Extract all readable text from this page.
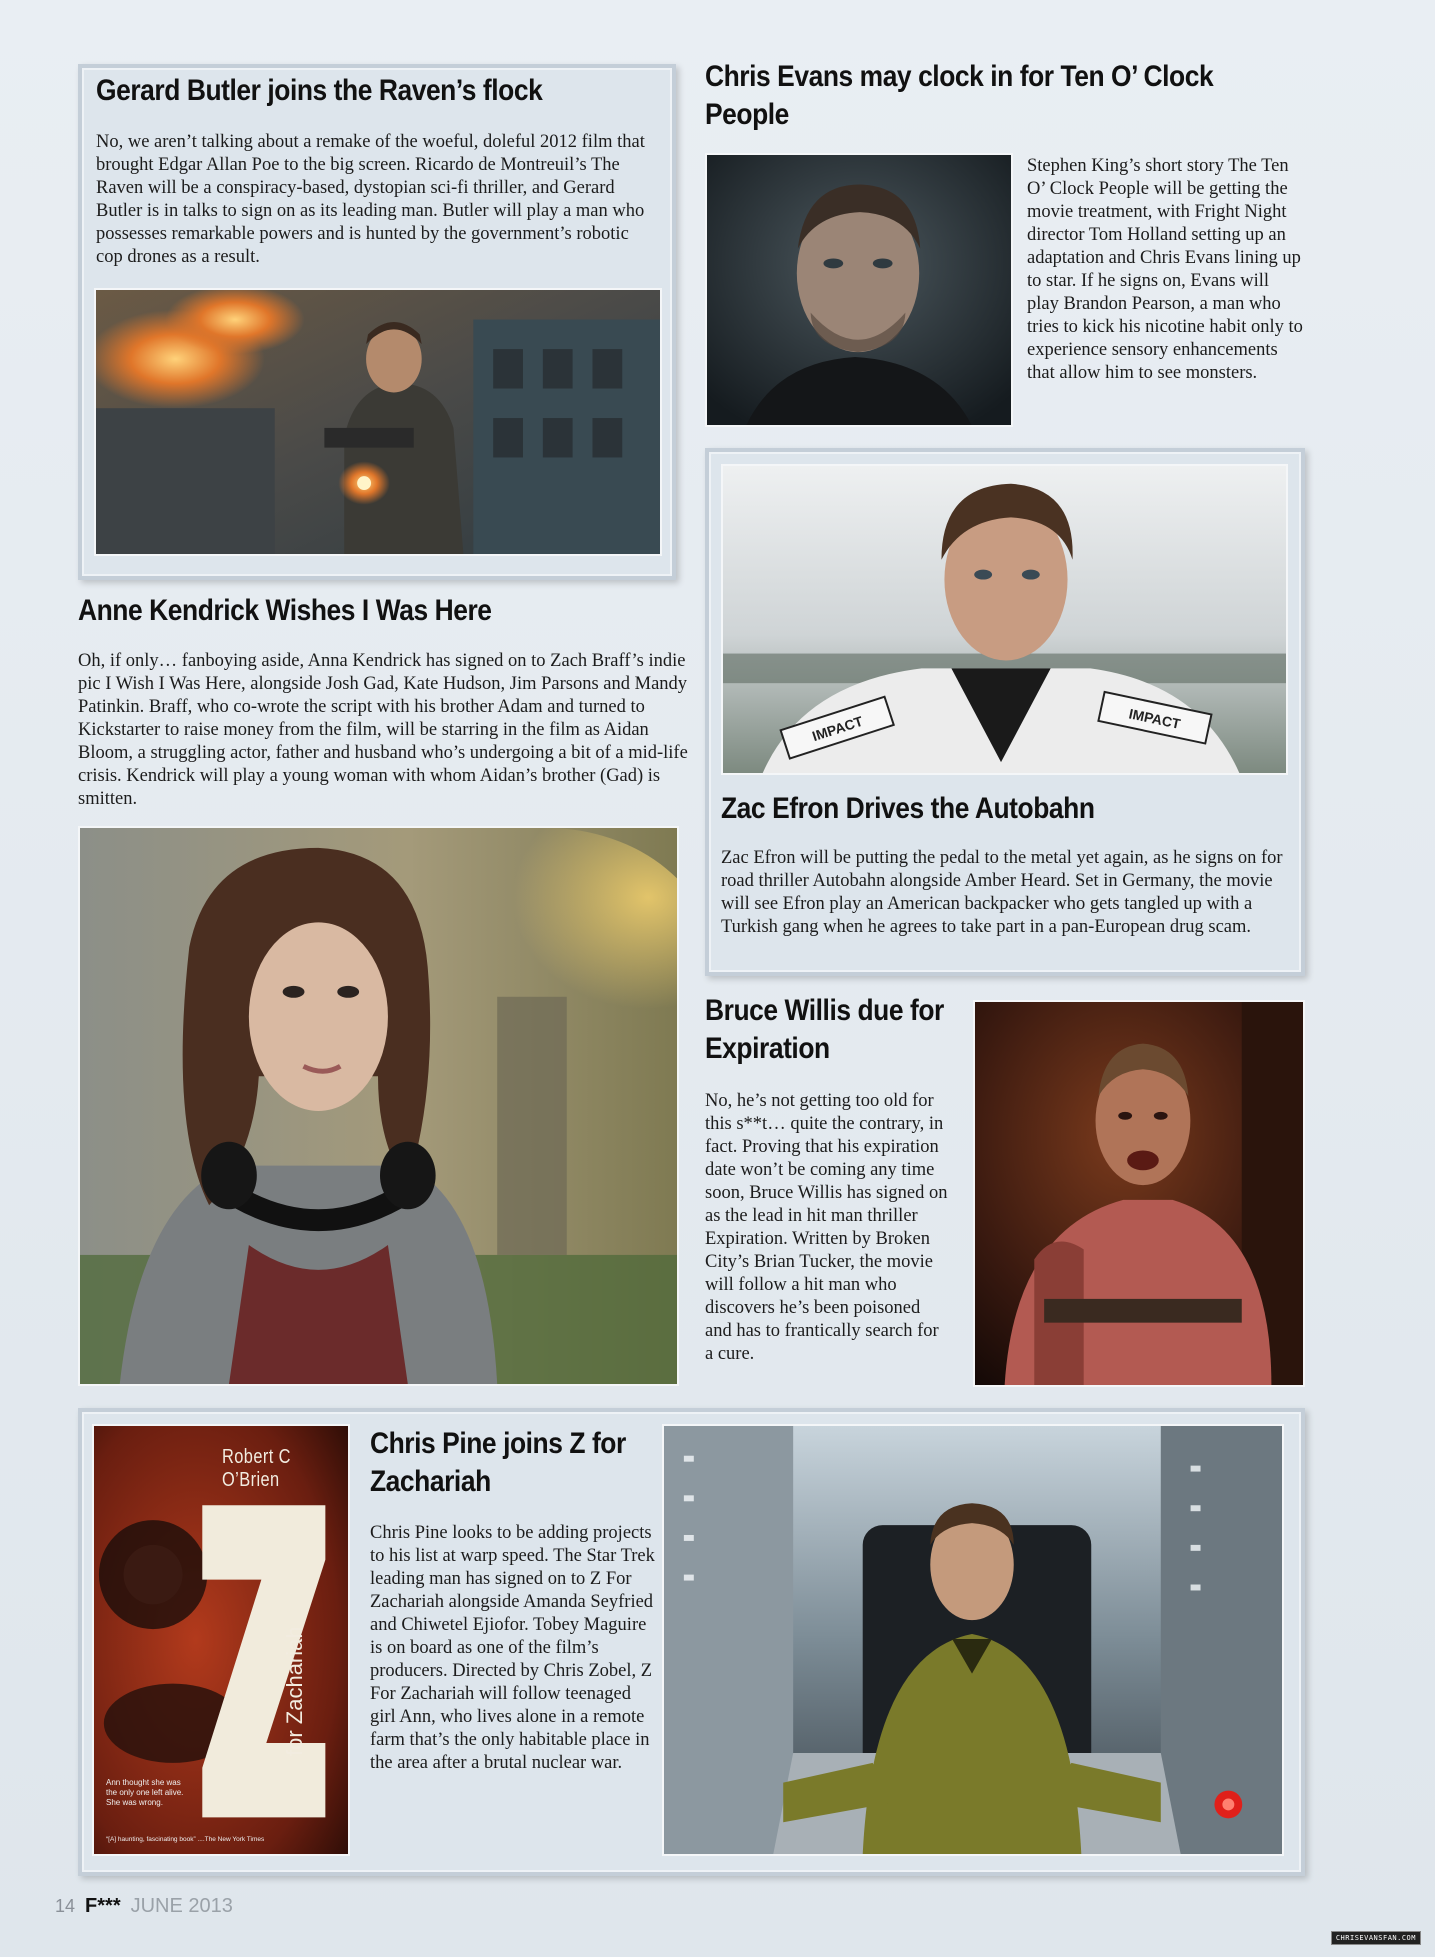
Gerard Butler joins the Raven’s flock
No, we aren’t talking about a remake of the woeful, doleful 2012 film that brought Edgar Allan Poe to the big screen. Ricardo de Montreuil’s The Raven will be a conspiracy-based, dystopian sci-fi thriller, and Gerard Butler is in talks to sign on as its leading man. Butler will play a man who possesses remarkable powers and is hunted by the government’s robotic cop drones as a result.
Chris Evans may clock in for Ten O’ Clock
People
Stephen King’s short story The Ten O’ Clock People will be getting the movie treatment, with Fright Night director Tom Holland setting up an adaptation and Chris Evans lining up to star. If he signs on, Evans will play Brandon Pearson, a man who tries to kick his nicotine habit only to experience sensory enhancements that allow him to see monsters.
Anne Kendrick Wishes I Was Here
Oh, if only… fanboying aside, Anna Kendrick has signed on to Zach Braff’s indie pic I Wish I Was Here, alongside Josh Gad, Kate Hudson, Jim Parsons and Mandy Patinkin. Braff, who co-wrote the script with his brother Adam and turned to Kickstarter to raise money from the film, will be starring in the film as Aidan Bloom, a struggling actor, father and husband who’s undergoing a bit of a mid-life crisis. Kendrick will play a young woman with whom Aidan’s brother (Gad) is smitten.
IMPACT	IMPACT
Zac Efron Drives the Autobahn
Zac Efron will be putting the pedal to the metal yet again, as he signs on for road thriller Autobahn alongside Amber Heard. Set in Germany, the movie will see Efron play an American backpacker who gets tangled up with a Turkish gang when he agrees to take part in a pan-European drug scam.
Bruce Willis due for
Expiration
No, he’s not getting too old for this s**t… quite the contrary, in fact. Proving that his expiration date won’t be coming any time soon, Bruce Willis has signed on as the lead in hit man thriller Expiration. Written by Broken City’s Brian Tucker, the movie will follow a hit man who discovers he’s been poisoned and has to frantically search for a cure.
Robert C O’Brien
for Zachariah
Ann thought she was
the only one left alive.
She was wrong.
“[A] haunting, fascinating book” ....The New York Times
Chris Pine joins Z for
Zachariah
Chris Pine looks to be adding projects to his list at warp speed. The Star Trek leading man has signed on to Z For Zachariah alongside Amanda Seyfried and Chiwetel Ejiofor. Tobey Maguire is on board as one of the film’s producers. Directed by Chris Zobel, Z For Zachariah will follow teenaged girl Ann, who lives alone in a remote farm that’s the only habitable place in the area after a brutal nuclear war.
14 F*** JUNE 2013
CHRISEVANSFAN.COM
